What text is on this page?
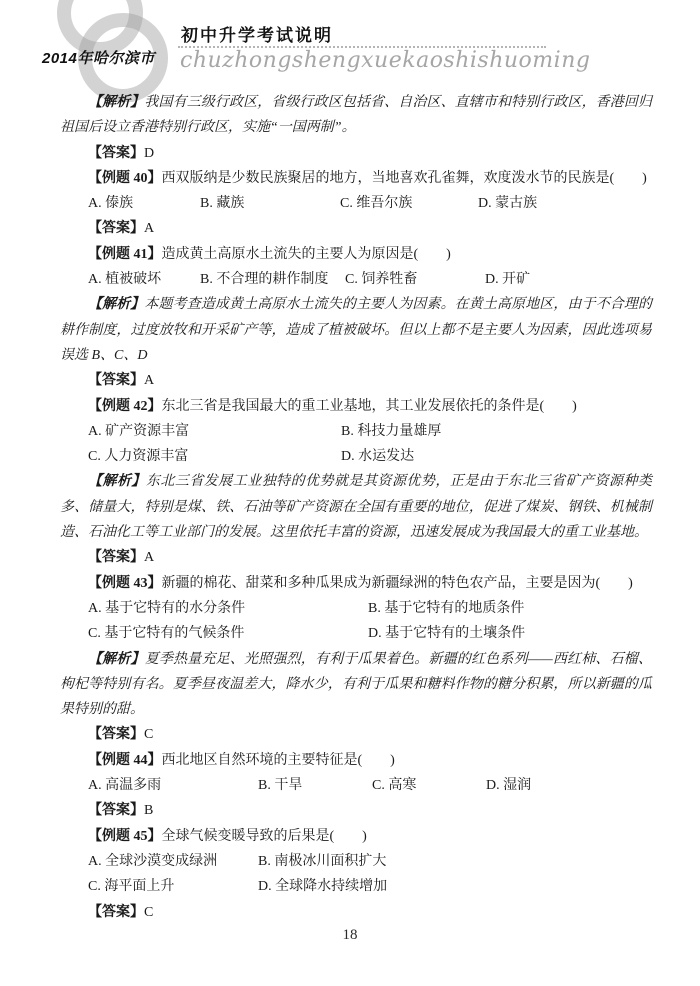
2014年哈尔滨市
初中升学考试说明
chuzhongshengxuekaoshishuoming

【解析】我国有三级行政区，省级行政区包括省、自治区、直辖市和特别行政区，香港回归祖国后设立香港特别行政区，实施“一国两制”。

【答案】D

【例题 40】西双版纳是少数民族聚居的地方，当地喜欢孔雀舞，欢度泼水节的民族是(　　)

A. 傣族	B. 藏族	C. 维吾尔族	D. 蒙古族

【答案】A

【例题 41】造成黄土高原水土流失的主要人为原因是(　　)

A. 植被破坏	B. 不合理的耕作制度 C. 饲养牲畜	D. 开矿

【解析】本题考查造成黄土高原水土流失的主要人为因素。在黄土高原地区，由于不合理的耕作制度，过度放牧和开采矿产等，造成了植被破坏。但以上都不是主要人为因素，因此选项易误选 B、C、D

【答案】A

【例题 42】东北三省是我国最大的重工业基地，其工业发展依托的条件是(　　)

A. 矿产资源丰富	B. 科技力量雄厚
C. 人力资源丰富	D. 水运发达

【解析】东北三省发展工业独特的优势就是其资源优势，正是由于东北三省矿产资源种类多、储量大，特别是煤、铁、石油等矿产资源在全国有重要的地位，促进了煤炭、钢铁、机械制造、石油化工等工业部门的发展。这里依托丰富的资源，迅速发展成为我国最大的重工业基地。

【答案】A

【例题 43】新疆的棉花、甜菜和多种瓜果成为新疆绿洲的特色农产品，主要是因为(　　)

A. 基于它特有的水分条件	B. 基于它特有的地质条件
C. 基于它特有的气候条件	D. 基于它特有的土壤条件

【解析】夏季热量充足、光照强烈，有利于瓜果着色。新疆的红色系列——西红柿、石榴、枸杞等特别有名。夏季昼夜温差大，降水少，有利于瓜果和糖料作物的糖分积累，所以新疆的瓜果特别的甜。

【答案】C

【例题 44】西北地区自然环境的主要特征是(　　)

A. 高温多雨	B. 干旱	C. 高寒	D. 湿润

【答案】B

【例题 45】全球气候变暖导致的后果是(　　)

A. 全球沙漠变成绿洲	B. 南极冰川面积扩大
C. 海平面上升	D. 全球降水持续增加

【答案】C

18
